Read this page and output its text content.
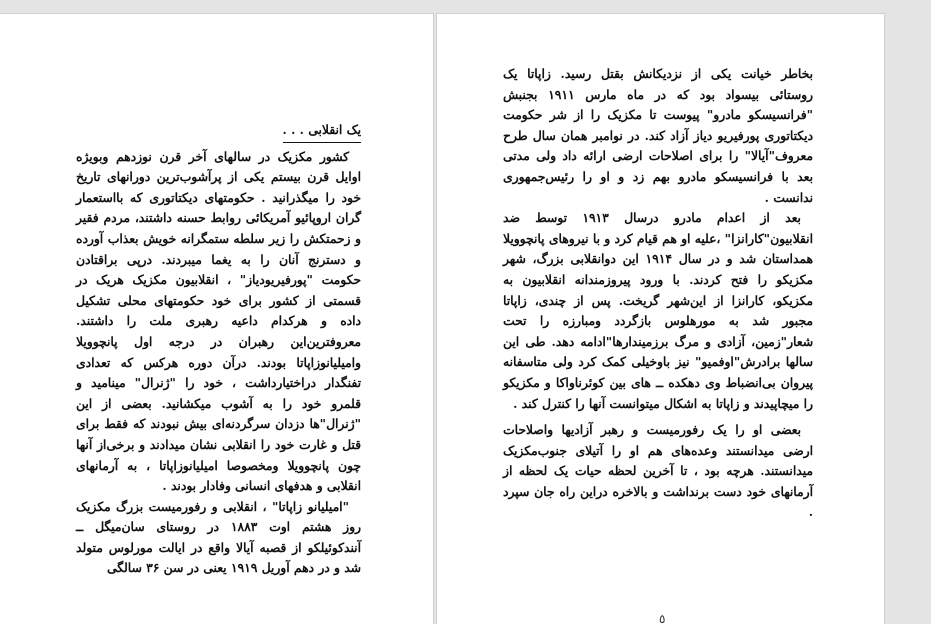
یک انقلابی . . .

کشور مکزیک در سالهای آخر قرن نوزدهم وبویژه اوایل قرن بیستم یکی از پرآشوب‌ترین دورانهای تاریخ خود را میگذرانید . حکومتهای دیکتاتوری که بااستعمار گران اروپائیو آمریکائی روابط حسنه داشتند، مردم فقیر و زحمتکش را زیر سلطه ستمگرانه خویش بعذاب آورده و دسترنج آنان را به یغما میبردند. درپی براقتادن حکومت "پورفیریودیاز" ، انقلابیون مکزیک هریک در قسمتی از کشور برای خود حکومتهای محلی تشکیل داده و هرکدام داعیه رهبری ملت را داشتند. معروفترین‌این رهبران در درجه اول پانچوویلا وامیلیانوزاپاتا بودند. درآن دوره هرکس که تعدادی تفنگدار دراختیارداشت ، خود را "ژنرال" مینامید و قلمرو خود را به آشوب میکشانید. بعضی از این "ژنرال"ها دزدان سرگردنه‌ای بیش نبودند که فقط برای قتل و غارت خود را انقلابی نشان میدادند و برخی‌از آنها چون پانچوویلا ومخصوصا امیلیانوزاپاتا ، به آرمانهای انقلابی و هدفهای انسانی وفادار بودند .

"امیلیانو زاپاتا" ، انقلابی و رفورمیست بزرگ مکزیک روز هشتم اوت ۱۸۸۳ در روستای سان‌میگل ــ آنندکوئیلکو از قصبه آیالا واقع در ایالت مورلوس متولد شد و در دهم آوریل ۱۹۱۹ یعنی در سن ۳۶ سالگی

بخاطر خیانت یکی از نزدیکانش بقتل رسید. زاپاتا یک روستائی بیسواد بود که در ماه مارس ۱۹۱۱ بجنبش "فرانسیسکو مادرو" پیوست تا مکزیک را از شر حکومت دیکتاتوری پورفیریو دیاز آزاد کند. در نوامبر همان سال طرح معروف"آیالا" را برای اصلاحات ارضی ارائه داد ولی مدتی بعد با فرانسیسکو مادرو بهم زد و او را رئیس‌جمهوری ندانست .

بعد از اعدام مادرو درسال ۱۹۱۳ توسط ضد انقلابیون"کارانزا" ،علیه او هم قیام کرد و با نیروهای پانچوویلا همداستان شد و در سال ۱۹۱۴ این دوانقلابی بزرگ، شهر مکزیکو را فتح کردند. با ورود پیروزمندانه انقلابیون به مکزیکو، کارانزا از این‌شهر گریخت. پس از چندی، زاپاتا مجبور شد به مورهلوس بازگردد ومبارزه را تحت شعار"زمین، آزادی و مرگ برزمیندارها"ادامه دهد. طی این سالها برادرش"اوفمیو" نیز باوخیلی کمک کرد ولی متاسفانه پیروان بی‌انضباط وی دهکده ــ های بین کوئرناواکا و مکزیکو را میچاپیدند و زاپاتا به اشکال میتوانست آنها را کنترل کند .

بعضی او را یک رفورمیست و رهبر آزادیها واصلاحات ارضی میدانستند وعده‌های هم او را آتیلای جنوب‌مکزیک میدانستند. هرچه بود ، تا آخرین لحظه حیات یک لحظه از آرمانهای خود دست برنداشت و بالاخره دراین راه جان سپرد .

٥
